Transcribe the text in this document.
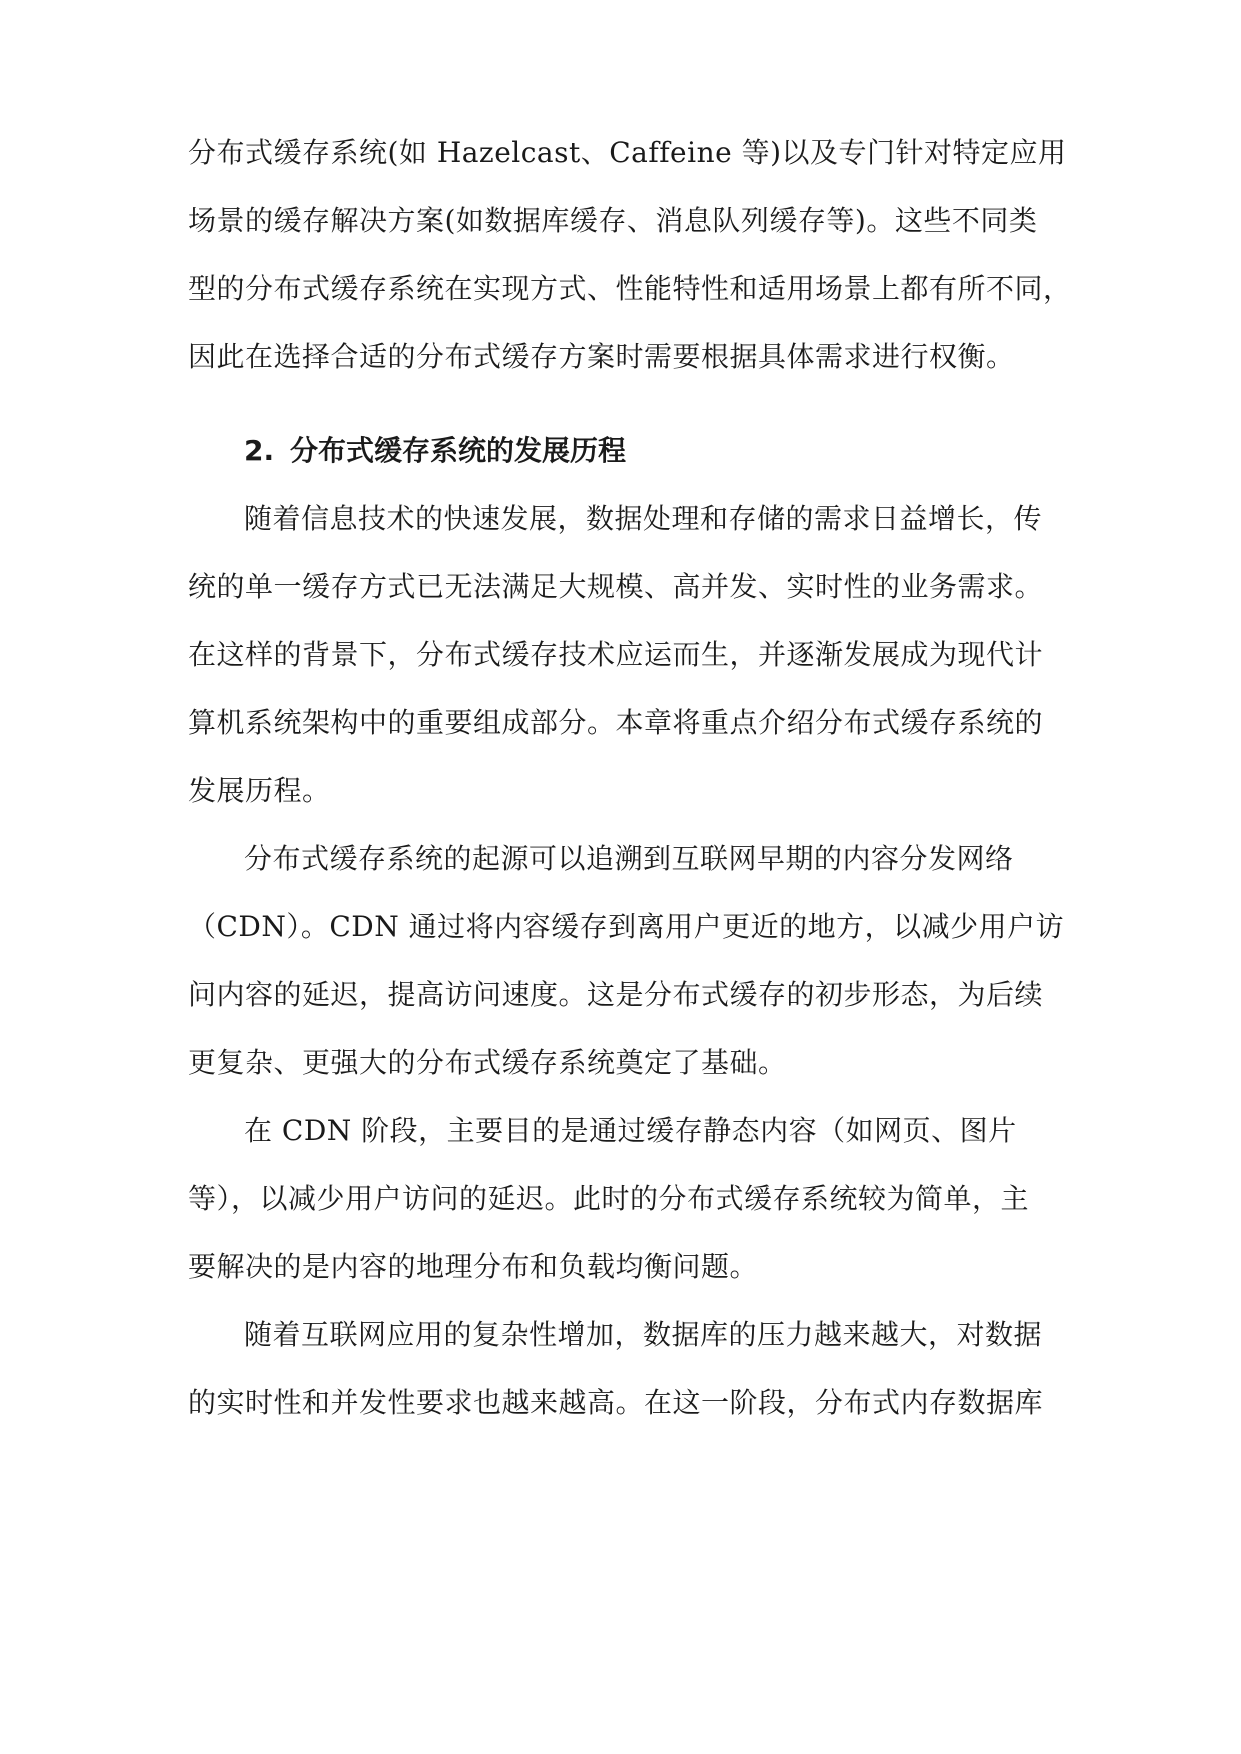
分布式缓存系统(如 Hazelcast、Caffeine 等)以及专门针对特定应用
场景的缓存解决方案(如数据库缓存、消息队列缓存等)。这些不同类
型的分布式缓存系统在实现方式、性能特性和适用场景上都有所不同，
因此在选择合适的分布式缓存方案时需要根据具体需求进行权衡。
2. 分布式缓存系统的发展历程
随着信息技术的快速发展，数据处理和存储的需求日益增长，传
统的单一缓存方式已无法满足大规模、高并发、实时性的业务需求。
在这样的背景下，分布式缓存技术应运而生，并逐渐发展成为现代计
算机系统架构中的重要组成部分。本章将重点介绍分布式缓存系统的
发展历程。
分布式缓存系统的起源可以追溯到互联网早期的内容分发网络
（CDN）。CDN 通过将内容缓存到离用户更近的地方，以减少用户访
问内容的延迟，提高访问速度。这是分布式缓存的初步形态，为后续
更复杂、更强大的分布式缓存系统奠定了基础。
在 CDN 阶段，主要目的是通过缓存静态内容（如网页、图片
等），以减少用户访问的延迟。此时的分布式缓存系统较为简单，主
要解决的是内容的地理分布和负载均衡问题。
随着互联网应用的复杂性增加，数据库的压力越来越大，对数据
的实时性和并发性要求也越来越高。在这一阶段，分布式内存数据库
